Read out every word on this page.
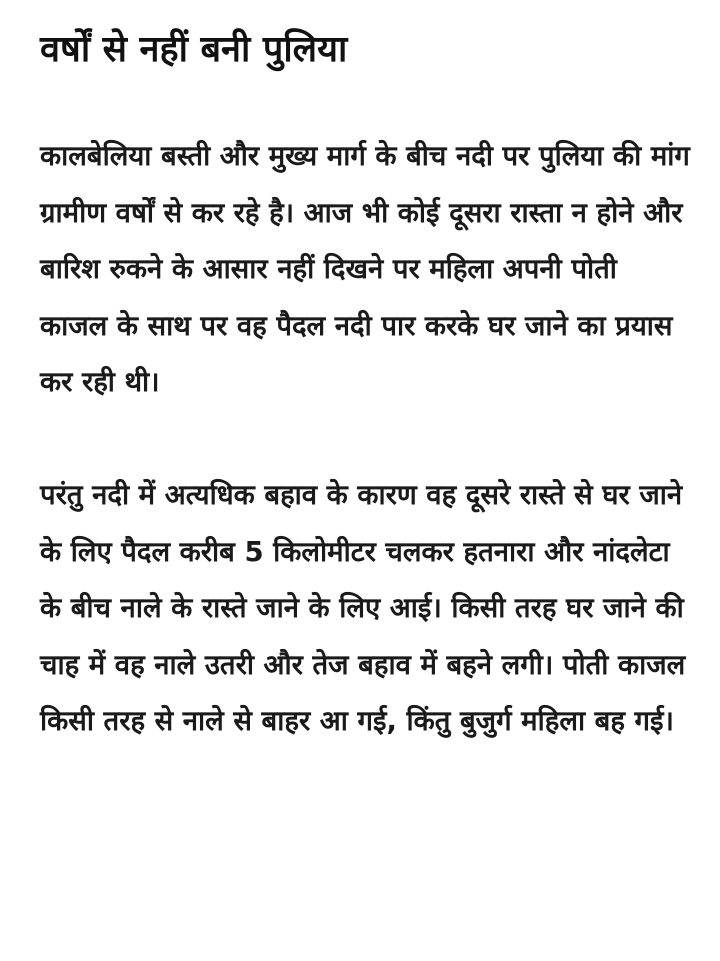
वर्षों से नहीं बनी पुलिया

कालबेलिया बस्ती और मुख्य मार्ग के बीच नदी पर पुलिया की मांग ग्रामीण वर्षों से कर रहे है। आज भी कोई दूसरा रास्ता न होने और बारिश रुकने के आसार नहीं दिखने पर महिला अपनी पोती काजल के साथ पर वह पैदल नदी पार करके घर जाने का प्रयास कर रही थी।

परंतु नदी में अत्यधिक बहाव के कारण वह दूसरे रास्ते से घर जाने के लिए पैदल करीब 5 किलोमीटर चलकर हतनारा और नांदलेटा के बीच नाले के रास्ते जाने के लिए आई। किसी तरह घर जाने की चाह में वह नाले उतरी और तेज बहाव में बहने लगी। पोती काजल किसी तरह से नाले से बाहर आ गई, किंतु बुजुर्ग महिला बह गई।
